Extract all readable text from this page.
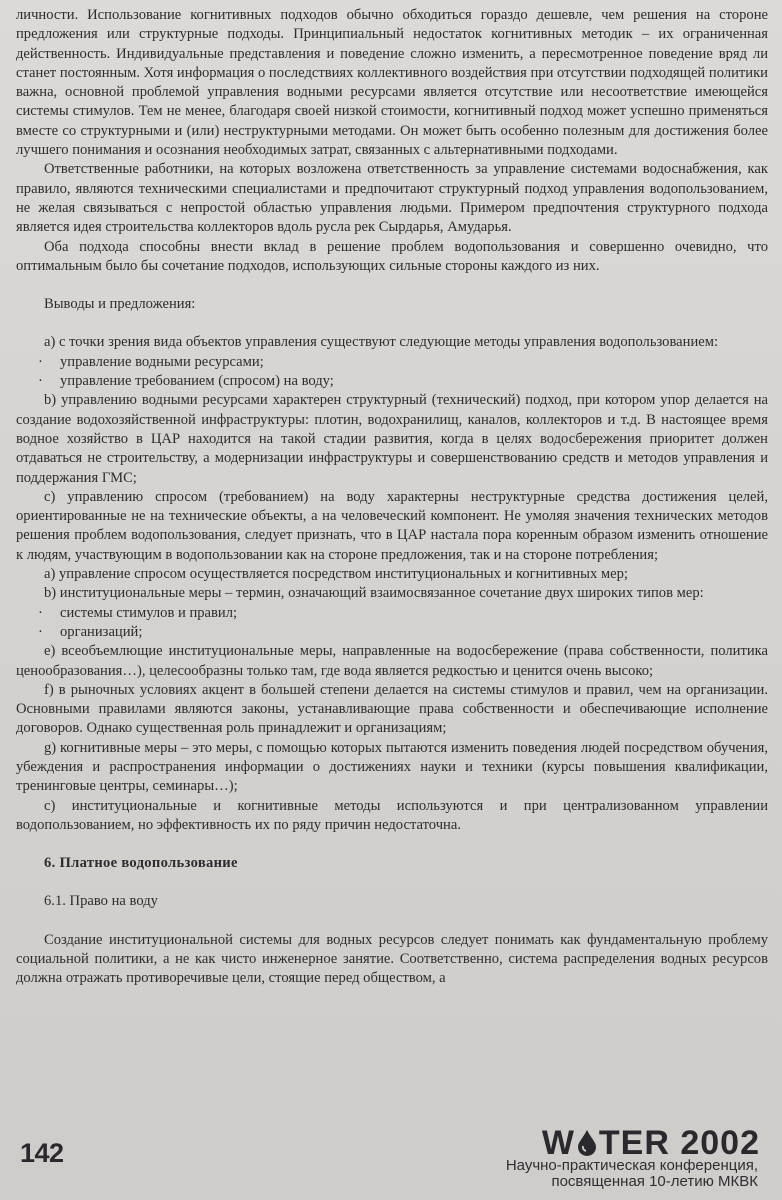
личности. Использование когнитивных подходов обычно обходиться гораздо дешевле, чем решения на стороне предложения или структурные подходы. Принципиальный недостаток когнитивных методик – их ограниченная действенность. Индивидуальные представления и поведение сложно изменить, а пересмотренное поведение вряд ли станет постоянным. Хотя информация о последствиях коллективного воздействия при отсутствии подходящей политики важна, основной проблемой управления водными ресурсами является отсутствие или несоответствие имеющейся системы стимулов. Тем не менее, благодаря своей низкой стоимости, когнитивный подход может успешно применяться вместе со структурными и (или) неструктурными методами. Он может быть особенно полезным для достижения более лучшего понимания и осознания необходимых затрат, связанных с альтернативными подходами.

Ответственные работники, на которых возложена ответственность за управление системами водоснабжения, как правило, являются техническими специалистами и предпочитают структурный подход управления водопользованием, не желая связываться с непростой областью управления людьми. Примером предпочтения структурного подхода является идея строительства коллекторов вдоль русла рек Сырдарья, Амударья.

Оба подхода способны внести вклад в решение проблем водопользования и совершенно очевидно, что оптимальным было бы сочетание подходов, использующих сильные стороны каждого из них.

Выводы и предложения:

а) с точки зрения вида объектов управления существуют следующие методы управления водопользованием:

· управление водными ресурсами;

· управление требованием (спросом) на воду;

b) управлению водными ресурсами характерен структурный (технический) подход, при котором упор делается на создание водохозяйственной инфраструктуры: плотин, водохранилищ, каналов, коллекторов и т.д. В настоящее время водное хозяйство в ЦАР находится на такой стадии развития, когда в целях водосбережения приоритет должен отдаваться не строительству, а модернизации инфраструктуры и совершенствованию средств и методов управления и поддержания ГМС;

c) управлению спросом (требованием) на воду характерны неструктурные средства достижения целей, ориентированные не на технические объекты, а на человеческий компонент. Не умоляя значения технических методов решения проблем водопользования, следует признать, что в ЦАР настала пора коренным образом изменить отношение к людям, участвующим в водопользовании как на стороне предложения, так и на стороне потребления;

а) управление спросом осуществляется посредством институциональных и когнитивных мер;

b) институциональные меры – термин, означающий взаимосвязанное сочетание двух широких типов мер:

· системы стимулов и правил;

· организаций;

e) всеобъемлющие институциональные меры, направленные на водосбережение (права собственности, политика ценообразования…), целесообразны только там, где вода является редкостью и ценится очень высоко;

f) в рыночных условиях акцент в большей степени делается на системы стимулов и правил, чем на организации. Основными правилами являются законы, устанавливающие права собственности и обеспечивающие исполнение договоров. Однако существенная роль принадлежит и организациям;

g) когнитивные меры – это меры, с помощью которых пытаются изменить поведения людей посредством обучения, убеждения и распространения информации о достижениях науки и техники (курсы повышения квалификации, тренинговые центры, семинары…);

c) институциональные и когнитивные методы используются и при централизованном управлении водопользованием, но эффективность их по ряду причин недостаточна.

6. Платное водопользование

6.1. Право на воду

Создание институциональной системы для водных ресурсов следует понимать как фундаментальную проблему социальной политики, а не как чисто инженерное занятие. Соответственно, система распределения водных ресурсов должна отражать противоречивые цели, стоящие перед обществом, а

142	W TER 2002
Научно-практическая конференция,
посвященная 10-летию МКВК
